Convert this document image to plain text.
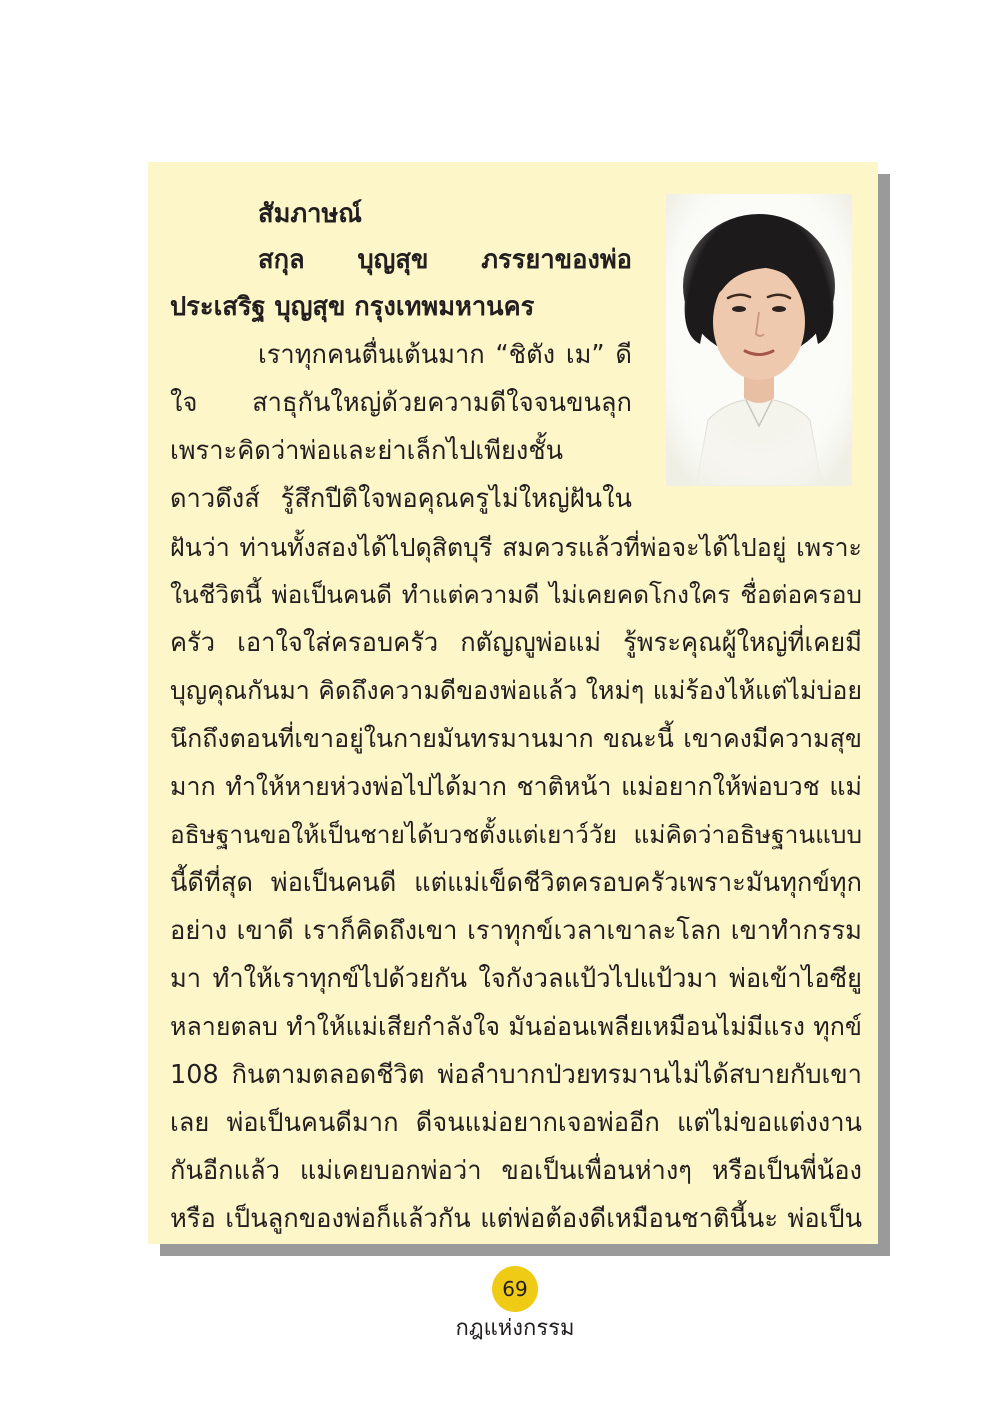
สัมภาษณ์
สกุล บุญสุข ภรรยาของพ่อ
ประเสริฐ บุญสุข กรุงเทพมหานคร
เราทุกคนตื่นเต้นมาก “ชิตัง เม” ดี
ใจ สาธุกันใหญ่ด้วยความดีใจจนขนลุก
เพราะคิดว่าพ่อและย่าเล็กไปเพียงชั้น
ดาวดึงส์ รู้สึกปีติใจพอคุณครูไม่ใหญ่ฝันใน
ฝันว่า ท่านทั้งสองได้ไปดุสิตบุรี สมควรแล้วที่พ่อจะได้ไปอยู่ เพราะ
ในชีวิตนี้ พ่อเป็นคนดี ทำแต่ความดี ไม่เคยคดโกงใคร ชื่อต่อครอบ
ครัว เอาใจใส่ครอบครัว กตัญญูพ่อแม่ รู้พระคุณผู้ใหญ่ที่เคยมี
บุญคุณกันมา คิดถึงความดีของพ่อแล้ว ใหม่ๆ แม่ร้องไห้แต่ไม่บ่อย
นึกถึงตอนที่เขาอยู่ในกายมันทรมานมาก ขณะนี้ เขาคงมีความสุข
มาก ทำให้หายห่วงพ่อไปได้มาก ชาติหน้า แม่อยากให้พ่อบวช แม่
อธิษฐานขอให้เป็นชายได้บวชตั้งแต่เยาว์วัย แม่คิดว่าอธิษฐานแบบ
นี้ดีที่สุด พ่อเป็นคนดี แต่แม่เข็ดชีวิตครอบครัวเพราะมันทุกข์ทุก
อย่าง เขาดี เราก็คิดถึงเขา เราทุกข์เวลาเขาละโลก เขาทำกรรม
มา ทำให้เราทุกข์ไปด้วยกัน ใจกังวลแป้วไปแป้วมา พ่อเข้าไอซียู
หลายตลบ ทำให้แม่เสียกำลังใจ มันอ่อนเพลียเหมือนไม่มีแรง ทุกข์
108 กินตามตลอดชีวิต พ่อลำบากป่วยทรมานไม่ได้สบายกับเขา
เลย พ่อเป็นคนดีมาก ดีจนแม่อยากเจอพ่ออีก แต่ไม่ขอแต่งงาน
กันอีกแล้ว แม่เคยบอกพ่อว่า ขอเป็นเพื่อนห่างๆ หรือเป็นพี่น้อง
หรือ เป็นลูกของพ่อก็แล้วกัน แต่พ่อต้องดีเหมือนชาตินี้นะ พ่อเป็น
69
กฎแห่งกรรม
